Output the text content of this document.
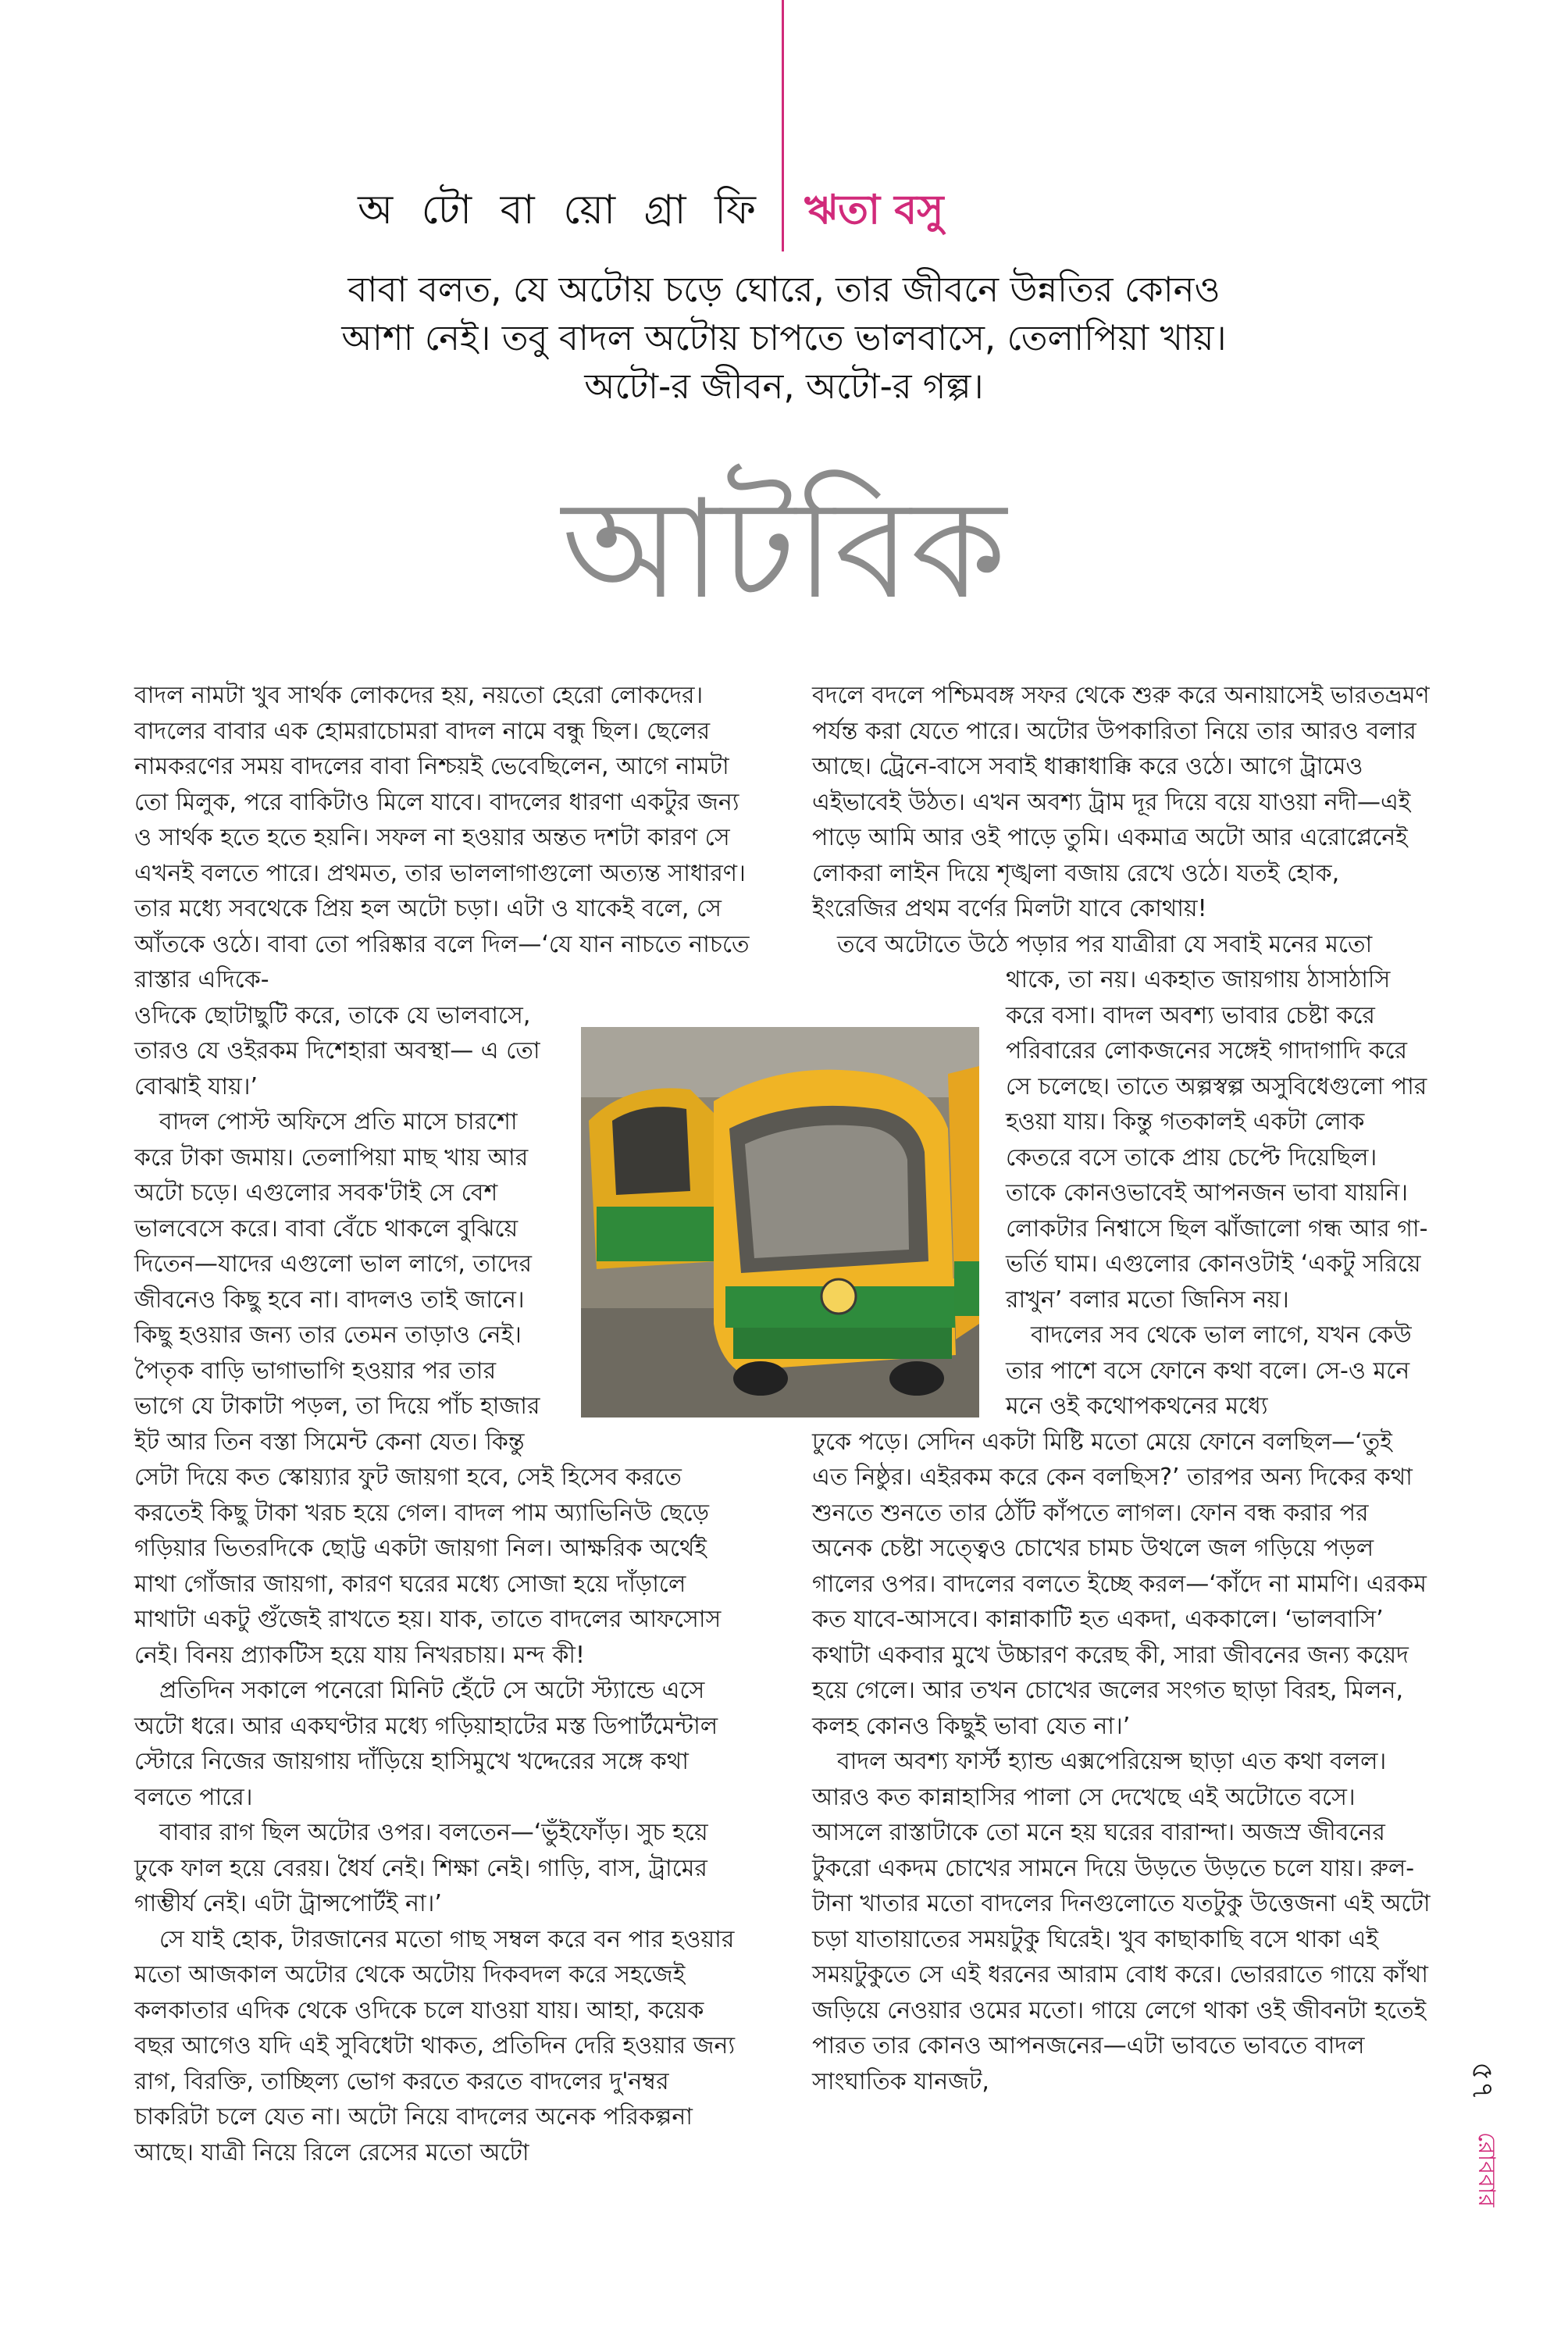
অ টো বা য়ো গ্রা ফি ঋতা বসু
বাবা বলত, যে অটোয় চড়ে ঘোরে, তার জীবনে উন্নতির কোনও
আশা নেই। তবু বাদল অটোয় চাপতে ভালবাসে, তেলাপিয়া খায়।
অটো-র জীবন, অটো-র গল্প।
আটবিক

বাদল নামটা খুব সার্থক লোকদের হয়, নয়তো হেরো লোকদের। বাদলের বাবার এক হোমরাচোমরা বাদল নামে বন্ধু ছিল। ছেলের নামকরণের সময় বাদলের বাবা নিশ্চয়ই ভেবেছিলেন, আগে নামটা তো মিলুক, পরে বাকিটাও মিলে যাবে। বাদলের ধারণা একটুর জন্য ও সার্থক হতে হতে হয়নি। সফল না হওয়ার অন্তত দশটা কারণ সে এখনই বলতে পারে। প্রথমত, তার ভাললাগাগুলো অত্যন্ত সাধারণ। তার মধ্যে সবথেকে প্রিয় হল অটো চড়া। এটা ও যাকেই বলে, সে আঁতকে ওঠে। বাবা তো পরিষ্কার বলে দিল—‘যে যান নাচতে নাচতে রাস্তার এদিকে-

ওদিকে ছোটাছুটি করে, তাকে যে ভালবাসে, তারও যে ওইরকম দিশেহারা অবস্থা— এ তো বোঝাই যায়।’

বাদল পোস্ট অফিসে প্রতি মাসে চারশো করে টাকা জমায়। তেলাপিয়া মাছ খায় আর অটো চড়ে। এগুলোর সবক'টাই সে বেশ ভালবেসে করে। বাবা বেঁচে থাকলে বুঝিয়ে দিতেন—যাদের এগুলো ভাল লাগে, তাদের জীবনেও কিছু হবে না। বাদলও তাই জানে। কিছু হওয়ার জন্য তার তেমন তাড়াও নেই। পৈতৃক বাড়ি ভাগাভাগি হওয়ার পর তার ভাগে যে টাকাটা পড়ল, তা দিয়ে পাঁচ হাজার ইট আর তিন বস্তা সিমেন্ট কেনা যেত। কিন্তু

সেটা দিয়ে কত স্কোয়্যার ফুট জায়গা হবে, সেই হিসেব করতে করতেই কিছু টাকা খরচ হয়ে গেল। বাদল পাম অ্যাভিনিউ ছেড়ে গড়িয়ার ভিতরদিকে ছোট্ট একটা জায়গা নিল। আক্ষরিক অর্থেই মাথা গোঁজার জায়গা, কারণ ঘরের মধ্যে সোজা হয়ে দাঁড়ালে মাথাটা একটু গুঁজেই রাখতে হয়। যাক, তাতে বাদলের আফসোস নেই। বিনয় প্র্যাকটিস হয়ে যায় নিখরচায়। মন্দ কী!

প্রতিদিন সকালে পনেরো মিনিট হেঁটে সে অটো স্ট্যান্ডে এসে অটো ধরে। আর একঘণ্টার মধ্যে গড়িয়াহাটের মস্ত ডিপার্টমেন্টাল স্টোরে নিজের জায়গায় দাঁড়িয়ে হাসিমুখে খদ্দেরের সঙ্গে কথা বলতে পারে।

বাবার রাগ ছিল অটোর ওপর। বলতেন—‘ভুঁইফোঁড়। সুচ হয়ে ঢুকে ফাল হয়ে বেরয়। ধৈর্য নেই। শিক্ষা নেই। গাড়ি, বাস, ট্রামের গাম্ভীর্য নেই। এটা ট্রান্সপোর্টই না।’

সে যাই হোক, টারজানের মতো গাছ সম্বল করে বন পার হওয়ার মতো আজকাল অটোর থেকে অটোয় দিকবদল করে সহজেই কলকাতার এদিক থেকে ওদিকে চলে যাওয়া যায়। আহা, কয়েক বছর আগেও যদি এই সুবিধেটা থাকত, প্রতিদিন দেরি হওয়ার জন্য রাগ, বিরক্তি, তাচ্ছিল্য ভোগ করতে করতে বাদলের দু'নম্বর চাকরিটা চলে যেত না। অটো নিয়ে বাদলের অনেক পরিকল্পনা আছে। যাত্রী নিয়ে রিলে রেসের মতো অটো

বদলে বদলে পশ্চিমবঙ্গ সফর থেকে শুরু করে অনায়াসেই ভারতভ্রমণ পর্যন্ত করা যেতে পারে। অটোর উপকারিতা নিয়ে তার আরও বলার আছে। ট্রেনে-বাসে সবাই ধাক্কাধাক্কি করে ওঠে। আগে ট্রামেও এইভাবেই উঠত। এখন অবশ্য ট্রাম দূর দিয়ে বয়ে যাওয়া নদী—এই পাড়ে আমি আর ওই পাড়ে তুমি। একমাত্র অটো আর এরোপ্লেনেই লোকরা লাইন দিয়ে শৃঙ্খলা বজায় রেখে ওঠে। যতই হোক, ইংরেজির প্রথম বর্ণের মিলটা যাবে কোথায়!

তবে অটোতে উঠে পড়ার পর যাত্রীরা যে সবাই মনের মতো

থাকে, তা নয়। একহাত জায়গায় ঠাসাঠাসি করে বসা। বাদল অবশ্য ভাবার চেষ্টা করে পরিবারের লোকজনের সঙ্গেই গাদাগাদি করে সে চলেছে। তাতে অল্পস্বল্প অসুবিধেগুলো পার হওয়া যায়। কিন্তু গতকালই একটা লোক কেতরে বসে তাকে প্রায় চেপ্টে দিয়েছিল। তাকে কোনওভাবেই আপনজন ভাবা যায়নি। লোকটার নিশ্বাসে ছিল ঝাঁজালো গন্ধ আর গা-ভর্তি ঘাম। এগুলোর কোনওটাই ‘একটু সরিয়ে রাখুন’ বলার মতো জিনিস নয়।

বাদলের সব থেকে ভাল লাগে, যখন কেউ তার পাশে বসে ফোনে কথা বলে। সে-ও মনে মনে ওই কথোপকথনের মধ্যে

ঢুকে পড়ে। সেদিন একটা মিষ্টি মতো মেয়ে ফোনে বলছিল—‘তুই এত নিষ্ঠুর। এইরকম করে কেন বলছিস?’ তারপর অন্য দিকের কথা শুনতে শুনতে তার ঠোঁট কাঁপতে লাগল। ফোন বন্ধ করার পর অনেক চেষ্টা সত্ত্বেও চোখের চামচ উথলে জল গড়িয়ে পড়ল গালের ওপর। বাদলের বলতে ইচ্ছে করল—‘কাঁদে না মামণি। এরকম কত যাবে-আসবে। কান্নাকাটি হত একদা, এককালে। ‘ভালবাসি’ কথাটা একবার মুখে উচ্চারণ করেছ কী, সারা জীবনের জন্য কয়েদ হয়ে গেলে। আর তখন চোখের জলের সংগত ছাড়া বিরহ, মিলন, কলহ কোনও কিছুই ভাবা যেত না।’

বাদল অবশ্য ফার্স্ট হ্যান্ড এক্সপেরিয়েন্স ছাড়া এত কথা বলল। আরও কত কান্নাহাসির পালা সে দেখেছে এই অটোতে বসে। আসলে রাস্তাটাকে তো মনে হয় ঘরের বারান্দা। অজস্র জীবনের টুকরো একদম চোখের সামনে দিয়ে উড়তে উড়তে চলে যায়। রুল-টানা খাতার মতো বাদলের দিনগুলোতে যতটুকু উত্তেজনা এই অটো চড়া যাতায়াতের সময়টুকু ঘিরেই। খুব কাছাকাছি বসে থাকা এই সময়টুকুতে সে এই ধরনের আরাম বোধ করে। ভোররাতে গায়ে কাঁথা জড়িয়ে নেওয়ার ওমের মতো। গায়ে লেগে থাকা ওই জীবনটা হতেই পারত তার কোনও আপনজনের—এটা ভাবতে ভাবতে বাদল সাংঘাতিক যানজট,	৫৭
রোববার
